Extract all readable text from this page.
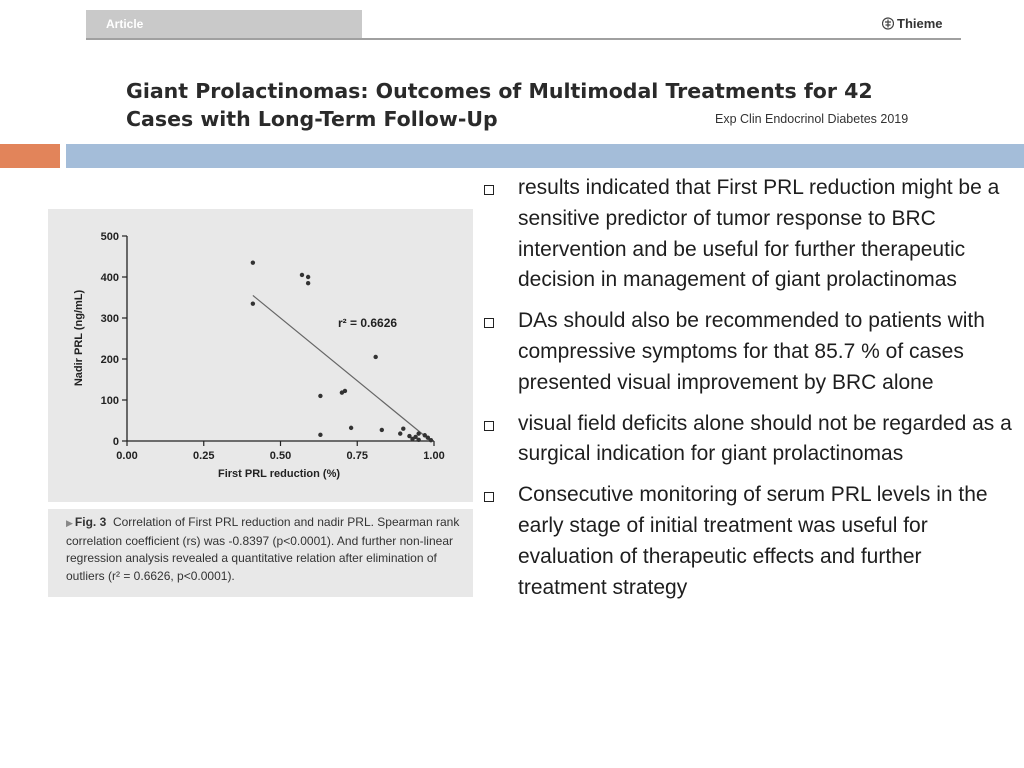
Article	Thieme
Giant Prolactinomas: Outcomes of Multimodal Treatments for 42 Cases with Long-Term Follow-Up	Exp Clin Endocrinol Diabetes 2019
0
100
200
300
400
500
0.00	0.25	0.50	0.75	1.00
Nadir PRL (ng/mL)
First PRL reduction (%)
r² = 0.6626
▶ Fig. 3 Correlation of First PRL reduction and nadir PRL. Spearman rank correlation coefficient (rs) was -0.8397 (p<0.0001). And further non-linear regression analysis revealed a quantitative relation after elimination of outliers (r² = 0.6626, p<0.0001).
results indicated that First PRL reduction might be a sensitive predictor of tumor response to BRC intervention and be useful for further therapeutic decision in management of giant prolactinomas
DAs should also be recommended to patients with compressive symptoms for that 85.7 % of cases presented visual improvement by BRC alone
visual field deficits alone should not be regarded as a surgical indication for giant prolactinomas
Consecutive monitoring of serum PRL levels in the early stage of initial treatment was useful for evaluation of therapeutic effects and further treatment strategy
